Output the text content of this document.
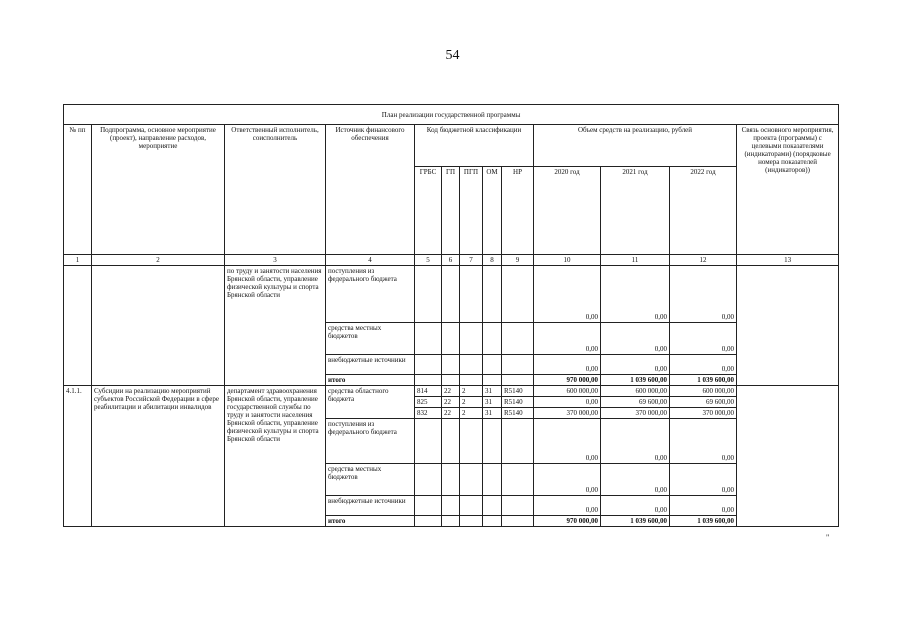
54
План реализации государственной программы												
№ пп	Подпрограмма, основное мероприятие (проект), направление расходов, мероприятие	Ответственный исполнитель, соисполнитель	Источник финансового обеспечения	Код бюджетной классификации					Объем средств на реализацию, рублей			Связь основного мероприятия, проекта (программы) с целевыми показателями (индикаторами) (порядковые номера показателей (индикаторов))
				ГРБС	ГП	ПГП	ОМ	НР	2020 год	2021 год	2022 год	
1	2	3	4	5	6	7	8	9	10	11	12	13
		по труду и занятости населения Брянской области, управление физической культуры и спорта Брянской области	поступления из федерального бюджета						0,00	0,00	0,00	
			средства местных бюджетов						0,00	0,00	0,00	
			внебюджетные источники						0,00	0,00	0,00	
			итого						970 000,00	1 039 600,00	1 039 600,00	
4.1.1.	Субсидии на реализацию мероприятий субъектов Российской Федерации в сфере реабилитации и абилитации инвалидов	департамент здравоохранения Брянской области, управление государственной службы по труду и занятости населения Брянской области, управление физической культуры и спорта Брянской области	средства областного бюджета	814	22	2	31	R5140	600 000,00	600 000,00	600 000,00	
				825	22	2	31	R5140	0,00	69 600,00	69 600,00	
				832	22	2	31	R5140	370 000,00	370 000,00	370 000,00	
			поступления из федерального бюджета						0,00	0,00	0,00	
			средства местных бюджетов						0,00	0,00	0,00	
			внебюджетные источники						0,00	0,00	0,00	
			итого						970 000,00	1 039 600,00	1 039 600,00	
"
